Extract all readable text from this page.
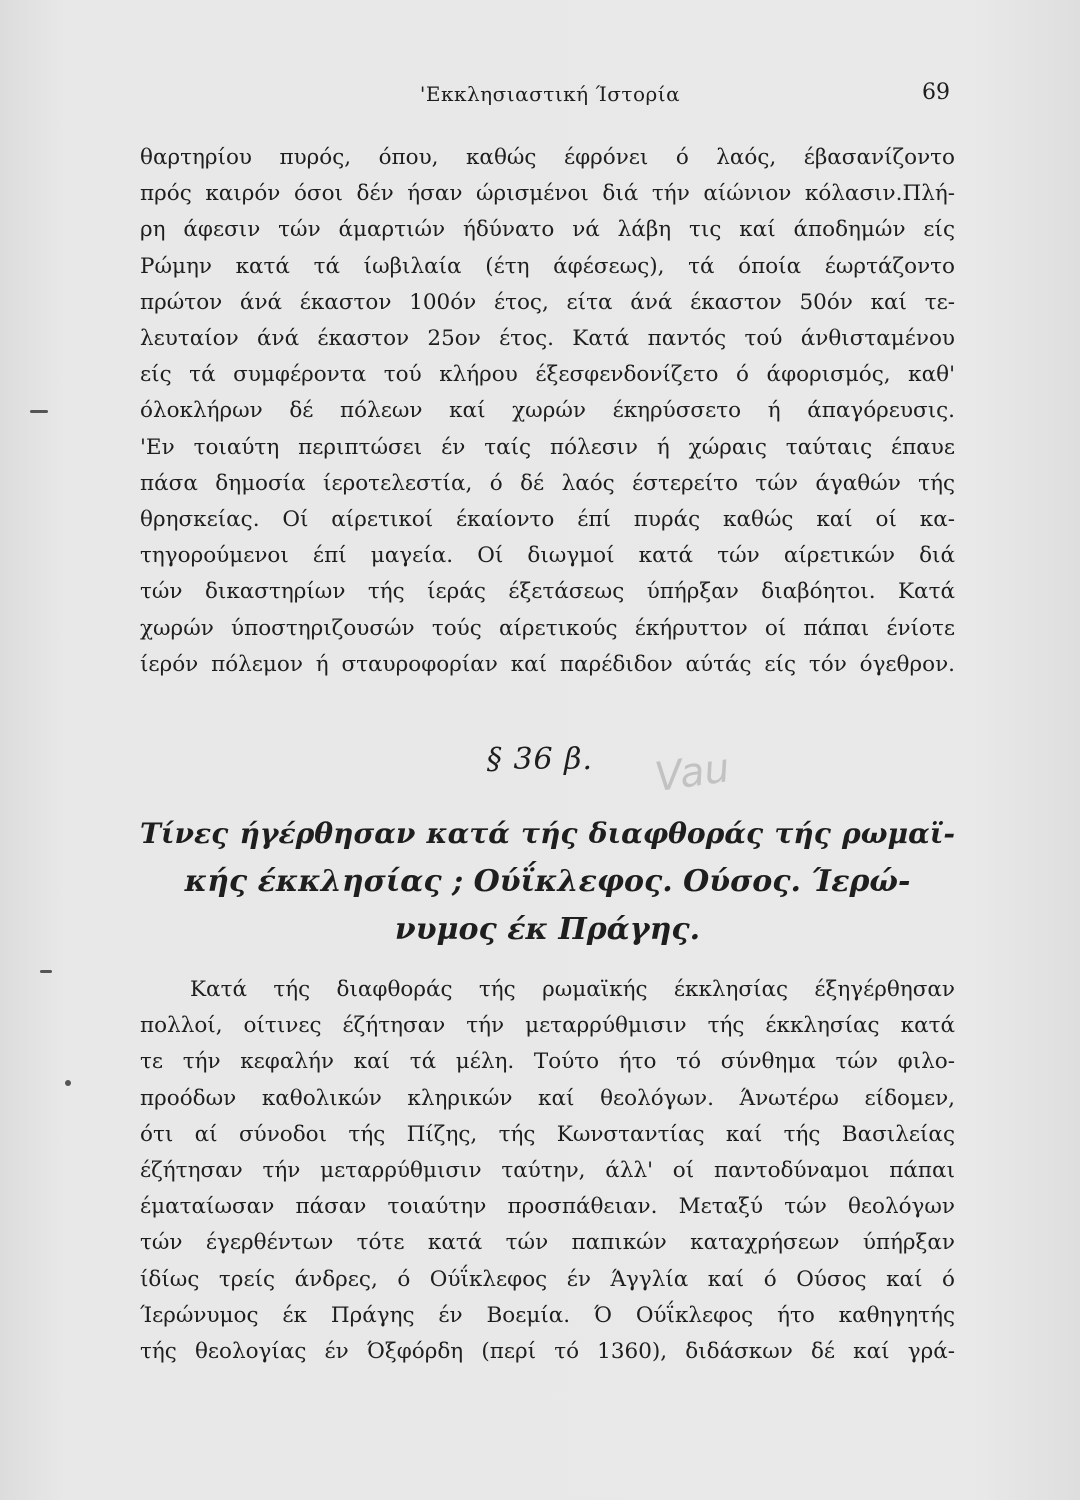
'Εκκλησιαστική Ίστορία	69
θαρτηρίου πυρός, όπου, καθώς έφρόνει ό λαός, έβασανίζοντο
πρός καιρόν όσοι δέν ήσαν ώρισμένοι διά τήν αίώνιον κόλασιν.Πλή-
ρη άφεσιν τών άμαρτιών ήδύνατο νά λάβη τις καί άποδημών είς
Ρώμην κατά τά ίωβιλαία (έτη άφέσεως), τά όποία έωρτάζοντο
πρώτον άνά έκαστον 100όν έτος, είτα άνά έκαστον 50όν καί τε-
λευταίον άνά έκαστον 25ον έτος. Κατά παντός τού άνθισταμένου
είς τά συμφέροντα τού κλήρου έξεσφενδονίζετο ό άφορισμός, καθ'
όλοκλήρων δέ πόλεων καί χωρών έκηρύσσετο ή άπαγόρευσις.
'Εν τοιαύτη περιπτώσει έν ταίς πόλεσιν ή χώραις ταύταις έπαυε
πάσα δημοσία ίεροτελεστία, ό δέ λαός έστερείτο τών άγαθών τής
θρησκείας. Οί αίρετικοί έκαίοντο έπί πυράς καθώς καί οί κα-
τηγορούμενοι έπί μαγεία. Οί διωγμοί κατά τών αίρετικών διά
τών δικαστηρίων τής ίεράς έξετάσεως ύπήρξαν διαβόητοι. Κατά
χωρών ύποστηριζουσών τούς αίρετικούς έκήρυττον οί πάπαι ένίοτε
ίερόν πόλεμον ή σταυροφορίαν καί παρέδιδον αύτάς είς τόν όγεθρον.
§ 36 β.	Vau
Τίνες ήγέρθησαν κατά τής διαφθοράς τής ρωμαϊ-
κής έκκλησίας ; Ούΐκλεφος. Ούσος. Ίερώ-
νυμος έκ Πράγης.
Κατά τής διαφθοράς τής ρωμαϊκής έκκλησίας έξηγέρθησαν
πολλοί, οίτινες έζήτησαν τήν μεταρρύθμισιν τής έκκλησίας κατά
τε τήν κεφαλήν καί τά μέλη. Τούτο ήτο τό σύνθημα τών φιλο-
προόδων καθολικών κληρικών καί θεολόγων. Άνωτέρω είδομεν,
ότι αί σύνοδοι τής Πίζης, τής Κωνσταντίας καί τής Βασιλείας
έζήτησαν τήν μεταρρύθμισιν ταύτην, άλλ' οί παντοδύναμοι πάπαι
έματαίωσαν πάσαν τοιαύτην προσπάθειαν. Μεταξύ τών θεολόγων
τών έγερθέντων τότε κατά τών παπικών καταχρήσεων ύπήρξαν
ίδίως τρείς άνδρες, ό Ούΐκλεφος έν Άγγλία καί ό Ούσος καί ό
Ίερώνυμος έκ Πράγης έν Βοεμία. Ό Ούΐκλεφος ήτο καθηγητής
τής θεολογίας έν Όξφόρδη (περί τό 1360), διδάσκων δέ καί γρά-
